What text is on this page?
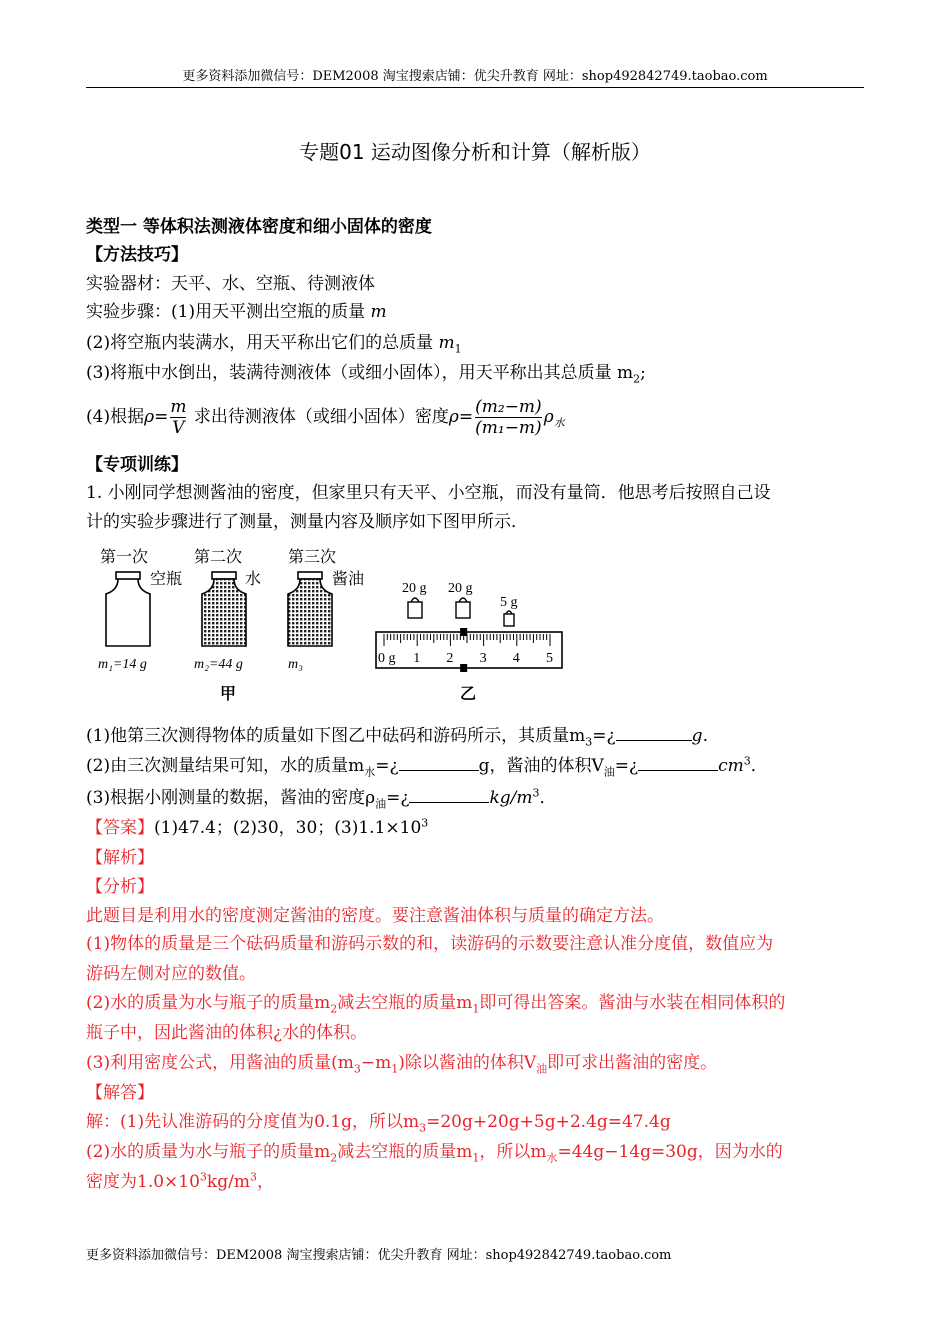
更多资料添加微信号：DEM2008 淘宝搜索店铺：优尖升教育 网址：shop492842749.taobao.com
专题01 运动图像分析和计算（解析版）
类型一 等体积法测液体密度和细小固体的密度
【方法技巧】
实验器材：天平、水、空瓶、待测液体
实验步骤：(1)用天平测出空瓶的质量 m
(2)将空瓶内装满水，用天平称出它们的总质量 $m_1$
(3)将瓶中水倒出，装满待测液体（或细小固体），用天平称出其总质量 $m_2$;
(4)根据$\rho= \frac{m}{V}$ 求出待测液体（或细小固体）密度$\rho= \frac{\text{(m₂−m)}}{\text{(m₁−m)}} \rho_水$
【专项训练】
1. 小刚同学想测酱油的密度，但家里只有天平、小空瓶，而没有量筒．他思考后按照自己设
计的实验步骤进行了测量，测量内容及顺序如下图甲所示．
第一次	第二次	第三次
空瓶	水	酱油
m₁=14 g	m₂=44 g	m₃
甲
20 g 20 g
5 g
0 g 1 2 3 4 5
乙
(1)他第三次测得物体的质量如下图乙中砝码和游码所示，其质量$m_3=¿$	g．
(2)由三次测量结果可知，水的质量$m_水=¿$	g，酱油的体积$V_油=¿$	$cm^3$．
(3)根据小刚测量的数据，酱油的密度$\rho_油=¿$	$kg/m^3$．
【答案】(1)47.4；(2)30，30；$(3)1.1\times 10^3$
【解析】
【分析】
此题目是利用水的密度测定酱油的密度。要注意酱油体积与质量的确定方法。
(1)物体的质量是三个砝码质量和游码示数的和，读游码的示数要注意认准分度值，数值应为
游码左侧对应的数值。
(2)水的质量为水与瓶子的质量$m_2$减去空瓶的质量$m_1$即可得出答案。酱油与水装在相同体积的
瓶子中，因此酱油的体积¿水的体积。
(3)利用密度公式，用酱油的质量$(m_3-m_1)$除以酱油的体积$V_油$即可求出酱油的密度。
【解答】
解：(1)先认准游码的分度值为0.1g，所以$m_3=20g+20g+5g+2.4g=47.4g$
(2)水的质量为水与瓶子的质量$m_2$减去空瓶的质量$m_1$，所以$m_水=44g-14g=30g$，因为水的
密度为$1.0\times 10^3kg/m^3$，
更多资料添加微信号：DEM2008 淘宝搜索店铺：优尖升教育 网址：shop492842749.taobao.com
